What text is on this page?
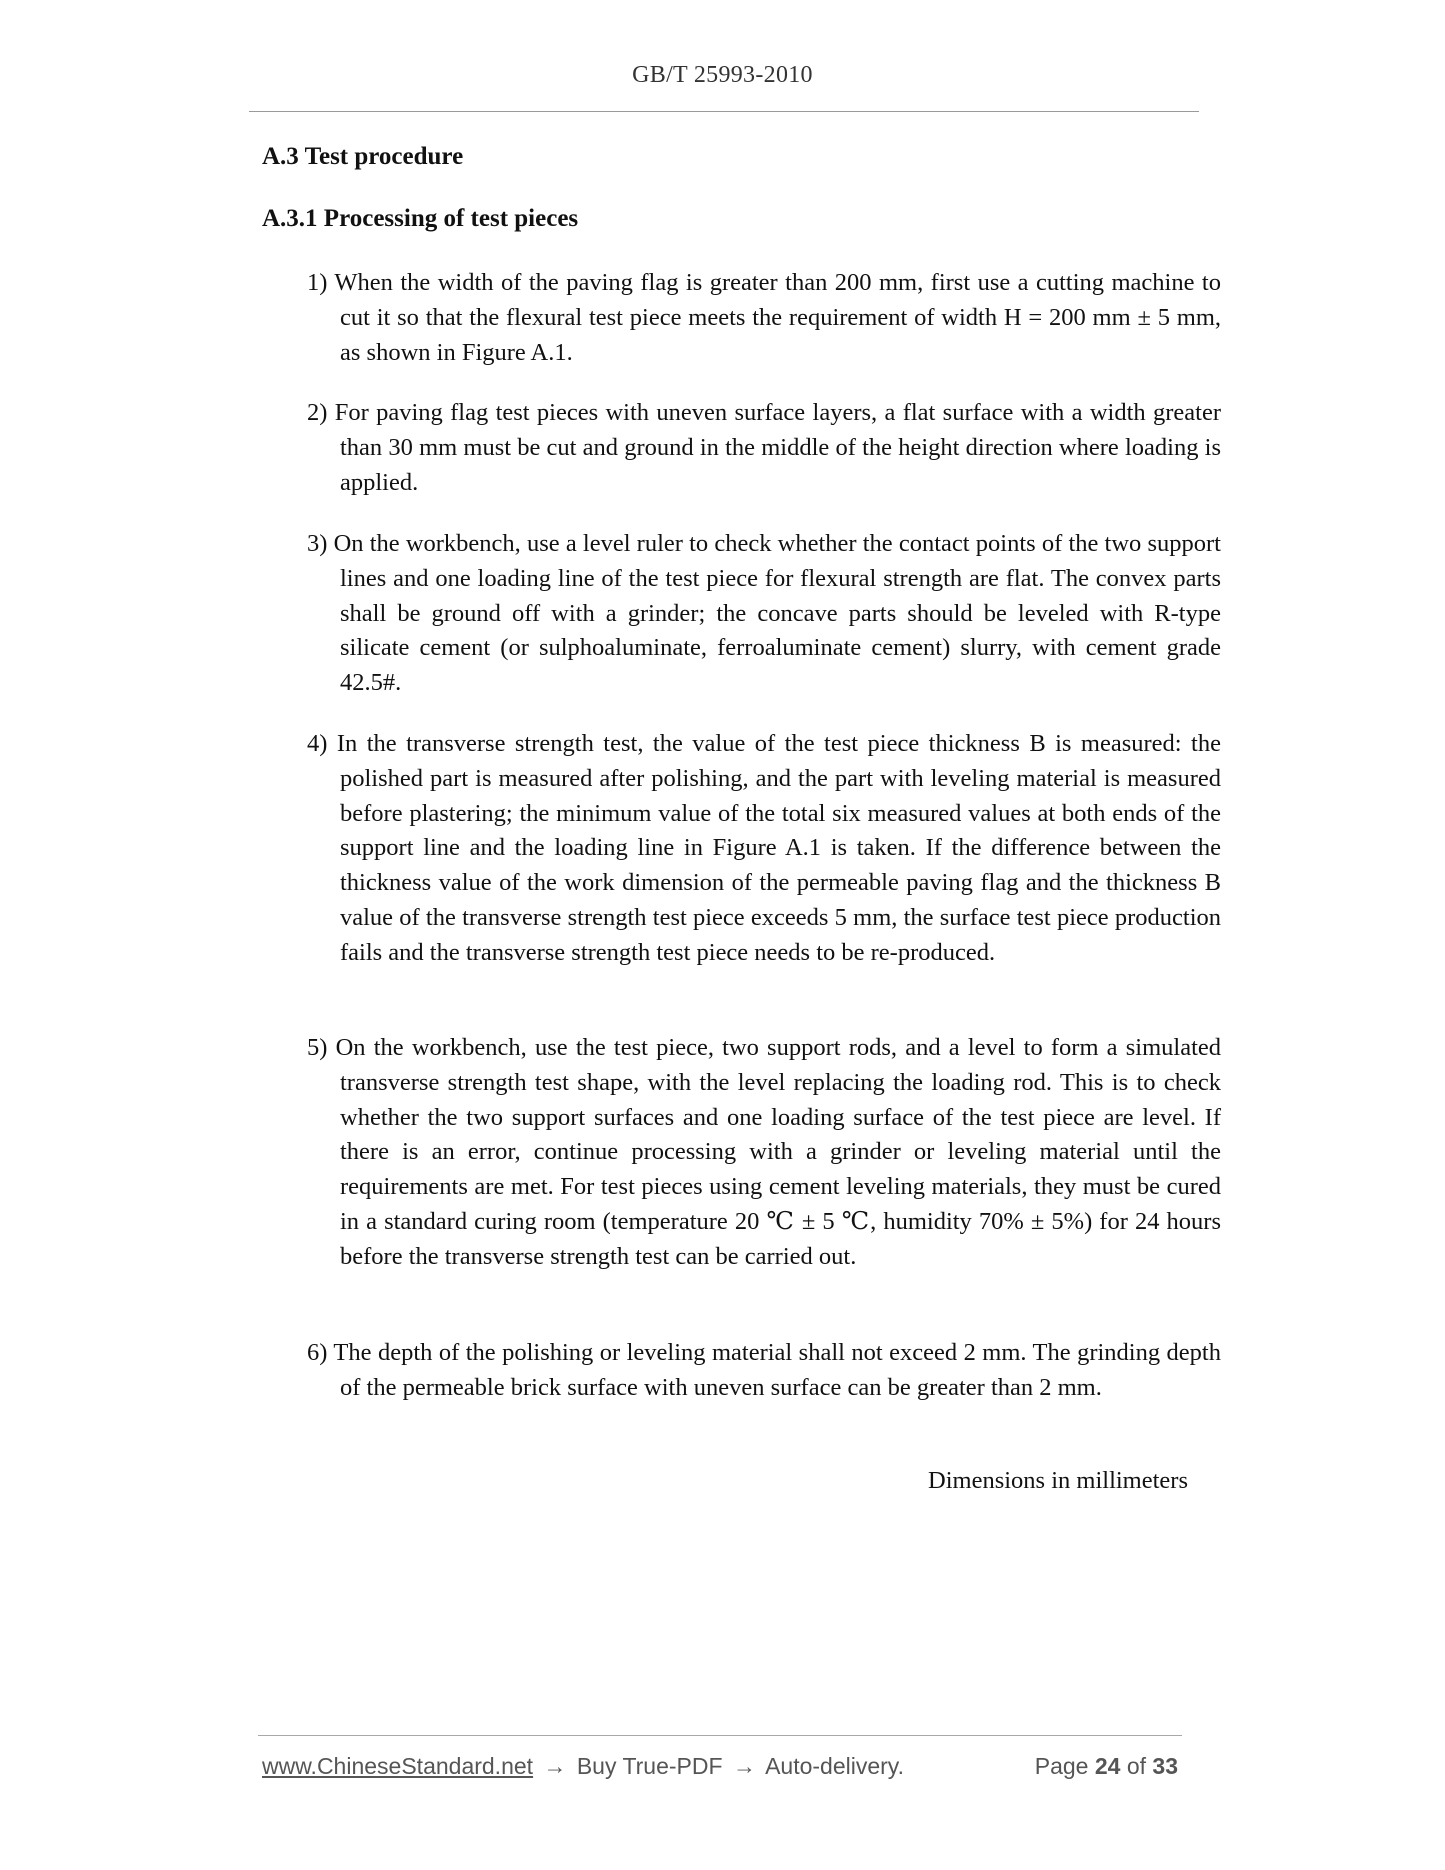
GB/T 25993-2010
A.3 Test procedure
A.3.1 Processing of test pieces

1) When the width of the paving flag is greater than 200 mm, first use a cutting machine to cut it so that the flexural test piece meets the requirement of width H = 200 mm ± 5 mm, as shown in Figure A.1.

2) For paving flag test pieces with uneven surface layers, a flat surface with a width greater than 30 mm must be cut and ground in the middle of the height direction where loading is applied.

3) On the workbench, use a level ruler to check whether the contact points of the two support lines and one loading line of the test piece for flexural strength are flat. The convex parts shall be ground off with a grinder; the concave parts should be leveled with R-type silicate cement (or sulphoaluminate, ferroaluminate cement) slurry, with cement grade 42.5#.

4) In the transverse strength test, the value of the test piece thickness B is measured: the polished part is measured after polishing, and the part with leveling material is measured before plastering; the minimum value of the total six measured values at both ends of the support line and the loading line in Figure A.1 is taken. If the difference between the thickness value of the work dimension of the permeable paving flag and the thickness B value of the transverse strength test piece exceeds 5 mm, the surface test piece production fails and the transverse strength test piece needs to be re-produced.

5) On the workbench, use the test piece, two support rods, and a level to form a simulated transverse strength test shape, with the level replacing the loading rod. This is to check whether the two support surfaces and one loading surface of the test piece are level. If there is an error, continue processing with a grinder or leveling material until the requirements are met. For test pieces using cement leveling materials, they must be cured in a standard curing room (temperature 20 ℃ ± 5 ℃, humidity 70% ± 5%) for 24 hours before the transverse strength test can be carried out.

6) The depth of the polishing or leveling material shall not exceed 2 mm. The grinding depth of the permeable brick surface with uneven surface can be greater than 2 mm.

Dimensions in millimeters
www.ChineseStandard.net → Buy True-PDF → Auto-delivery.	Page 24 of 33
